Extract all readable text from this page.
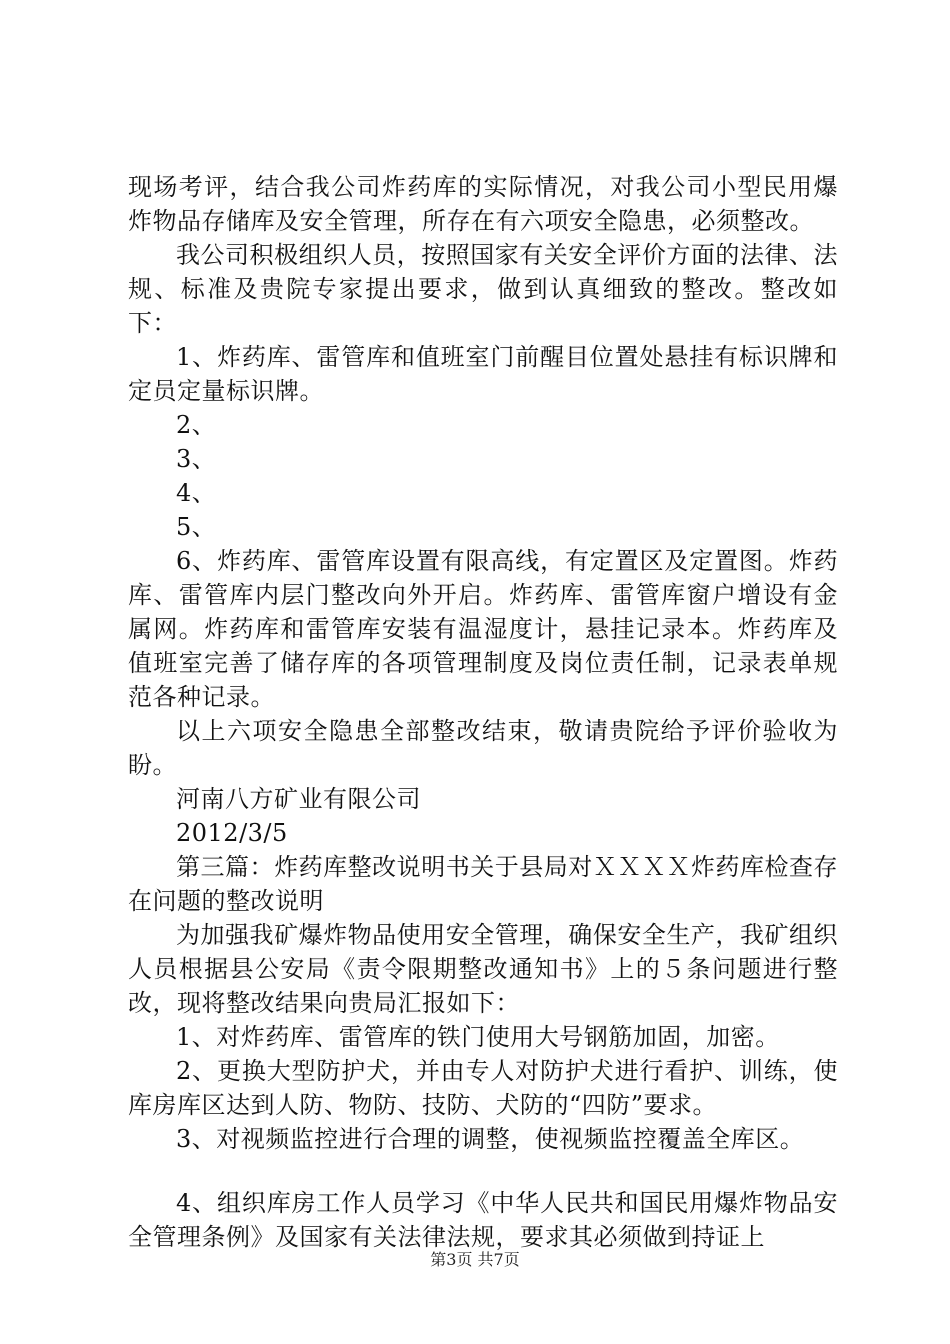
现场考评，结合我公司炸药库的实际情况，对我公司小型民用爆炸物品存储库及安全管理，所存在有六项安全隐患，必须整改。

我公司积极组织人员，按照国家有关安全评价方面的法律、法规、标准及贵院专家提出要求，做到认真细致的整改。整改如下：

1、炸药库、雷管库和值班室门前醒目位置处悬挂有标识牌和定员定量标识牌。

2、

3、

4、

5、

6、炸药库、雷管库设置有限高线，有定置区及定置图。炸药库、雷管库内层门整改向外开启。炸药库、雷管库窗户增设有金属网。炸药库和雷管库安装有温湿度计，悬挂记录本。炸药库及值班室完善了储存库的各项管理制度及岗位责任制，记录表单规范各种记录。

以上六项安全隐患全部整改结束，敬请贵院给予评价验收为盼。

河南八方矿业有限公司

2012/3/5

第三篇：炸药库整改说明书关于县局对ＸＸＸＸ炸药库检查存在问题的整改说明

为加强我矿爆炸物品使用安全管理，确保安全生产，我矿组织人员根据县公安局《责令限期整改通知书》上的５条问题进行整改，现将整改结果向贵局汇报如下：

1、对炸药库、雷管库的铁门使用大号钢筋加固，加密。

2、更换大型防护犬，并由专人对防护犬进行看护、训练，使库房库区达到人防、物防、技防、犬防的“四防”要求。

3、对视频监控进行合理的调整，使视频监控覆盖全库区。

4、组织库房工作人员学习《中华人民共和国民用爆炸物品安全管理条例》及国家有关法律法规，要求其必须做到持证上

第3页 共7页
